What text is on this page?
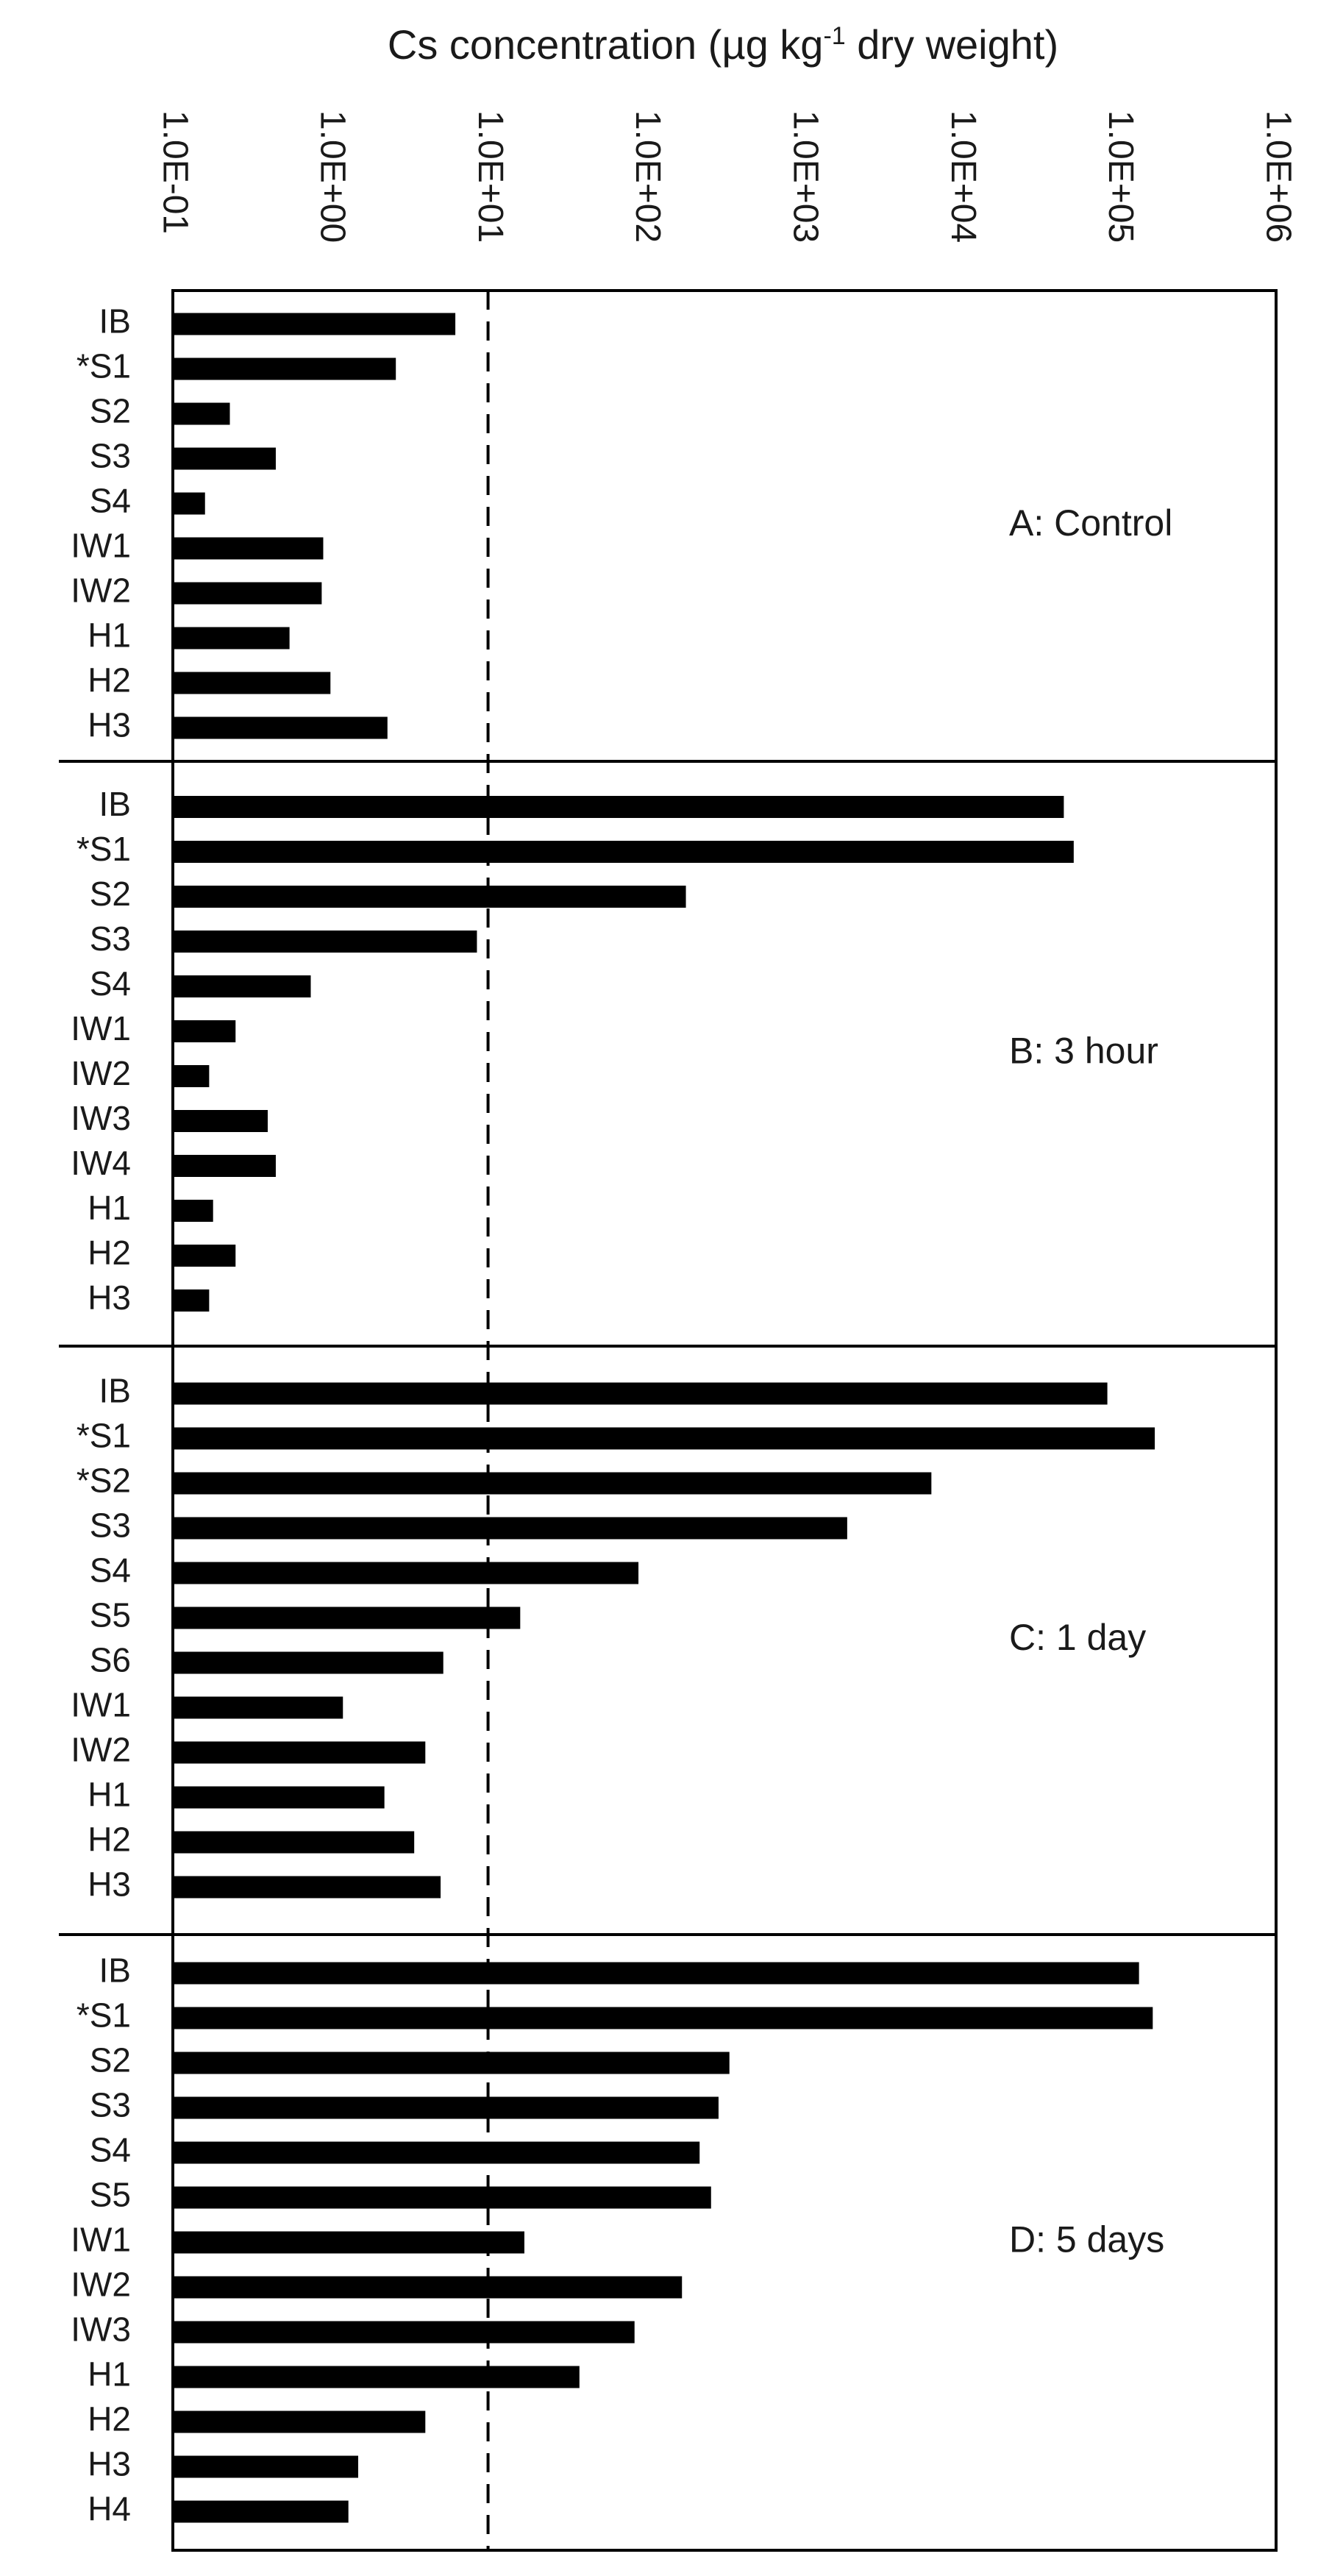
Cs concentration (µg $kg^{-1}$ dry weight)
1.0E-01	1.0E+00	1.0E+01	1.0E+02	1.0E+03	1.0E+04	1.0E+05	1.0E+06
IB
*S1
S2
S3
S4
IW1
IW2
H1
H2
H3
A: Control
IB
*S1
S2
S3
S4
IW1
IW2
IW3
IW4
H1
H2
H3
B: 3 hour
IB
*S1
*S2
S3
S4
S5
S6
IW1
IW2
H1
H2
H3
C: 1 day
IB
*S1
S2
S3
S4
S5
IW1
IW2
IW3
H1
H2
H3
H4
D: 5 days
